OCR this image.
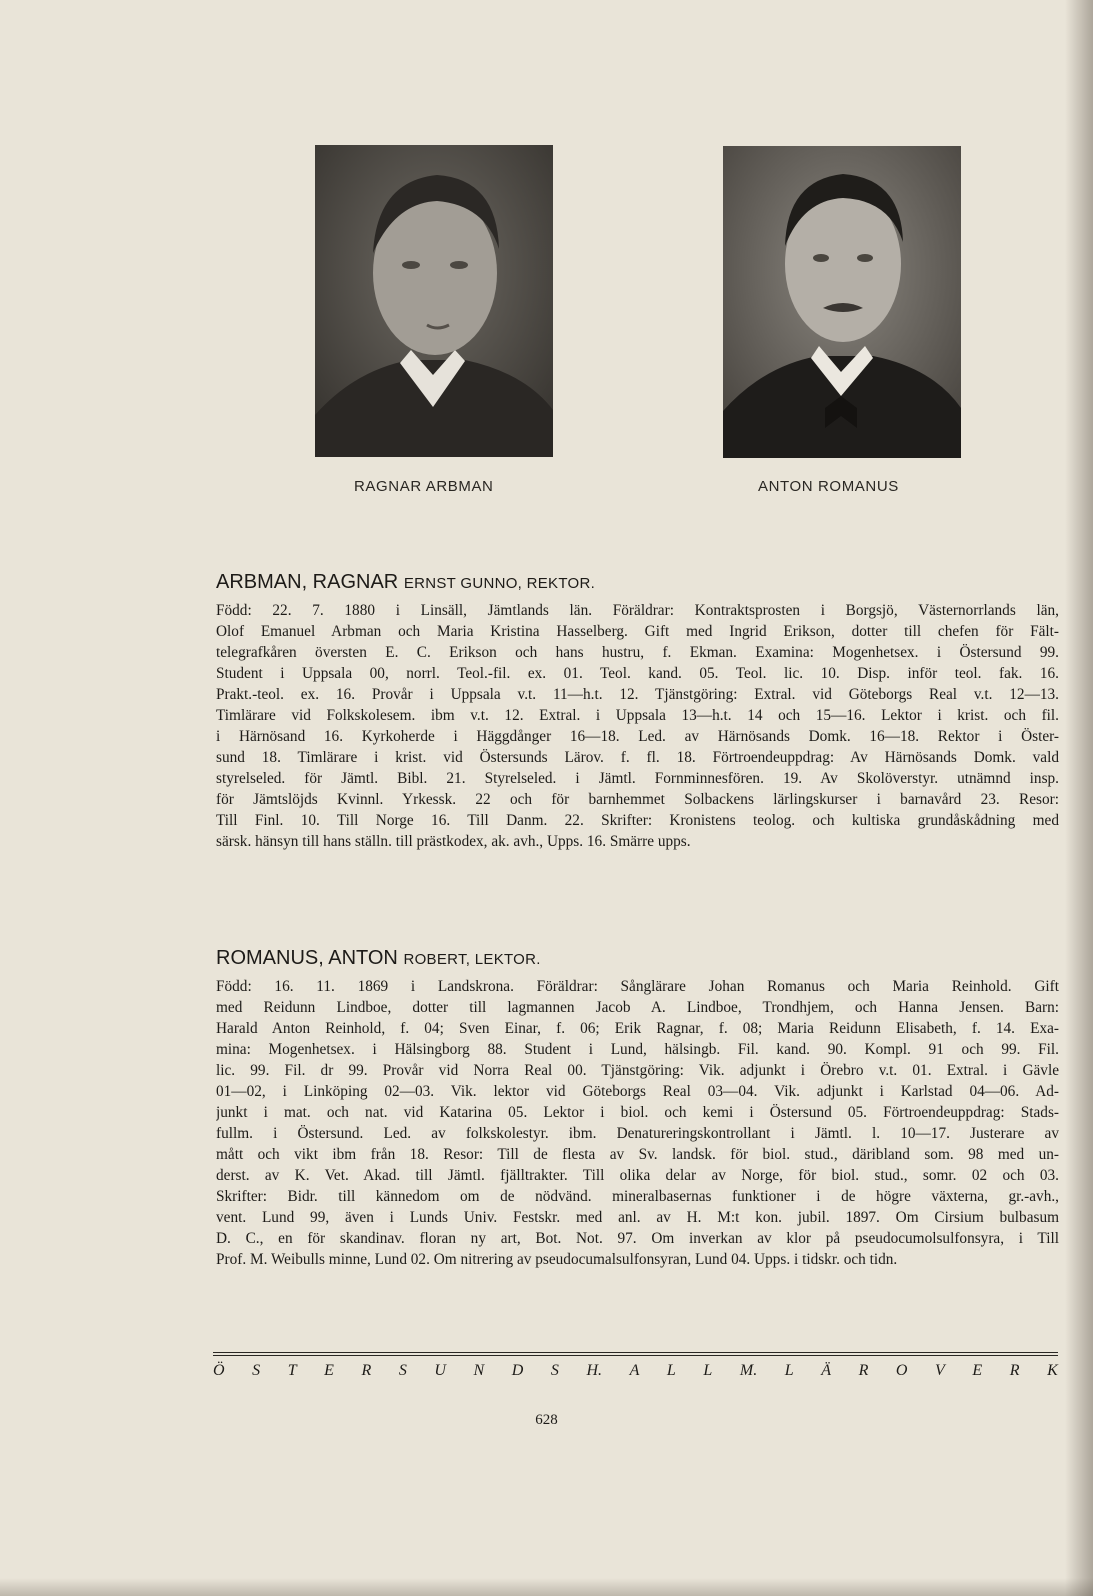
RAGNAR ARBMAN	ANTON ROMANUS
ARBMAN, RAGNAR ERNST GUNNO, REKTOR.
Född: 22. 7. 1880 i Linsäll, Jämtlands län. Föräldrar: Kontraktsprosten i Borgsjö, Västernorrlands län,
Olof Emanuel Arbman och Maria Kristina Hasselberg. Gift med Ingrid Erikson, dotter till chefen för Fält-
telegrafkåren översten E. C. Erikson och hans hustru, f. Ekman. Examina: Mogenhetsex. i Östersund 99.
Student i Uppsala 00, norrl. Teol.-fil. ex. 01. Teol. kand. 05. Teol. lic. 10. Disp. inför teol. fak. 16.
Prakt.-teol. ex. 16. Provår i Uppsala v.t. 11—h.t. 12. Tjänstgöring: Extral. vid Göteborgs Real v.t. 12—13.
Timlärare vid Folkskolesem. ibm v.t. 12. Extral. i Uppsala 13—h.t. 14 och 15—16. Lektor i krist. och fil.
i Härnösand 16. Kyrkoherde i Häggdånger 16—18. Led. av Härnösands Domk. 16—18. Rektor i Öster-
sund 18. Timlärare i krist. vid Östersunds Lärov. f. fl. 18. Förtroendeuppdrag: Av Härnösands Domk. vald
styrelseled. för Jämtl. Bibl. 21. Styrelseled. i Jämtl. Fornminnesfören. 19. Av Skolöverstyr. utnämnd insp.
för Jämtslöjds Kvinnl. Yrkessk. 22 och för barnhemmet Solbackens lärlingskurser i barnavård 23. Resor:
Till Finl. 10. Till Norge 16. Till Danm. 22. Skrifter: Kronistens teolog. och kultiska grundåskådning med
särsk. hänsyn till hans ställn. till prästkodex, ak. avh., Upps. 16. Smärre upps.
ROMANUS, ANTON ROBERT, LEKTOR.
Född: 16. 11. 1869 i Landskrona. Föräldrar: Sånglärare Johan Romanus och Maria Reinhold. Gift
med Reidunn Lindboe, dotter till lagmannen Jacob A. Lindboe, Trondhjem, och Hanna Jensen. Barn:
Harald Anton Reinhold, f. 04; Sven Einar, f. 06; Erik Ragnar, f. 08; Maria Reidunn Elisabeth, f. 14. Exa-
mina: Mogenhetsex. i Hälsingborg 88. Student i Lund, hälsingb. Fil. kand. 90. Kompl. 91 och 99. Fil.
lic. 99. Fil. dr 99. Provår vid Norra Real 00. Tjänstgöring: Vik. adjunkt i Örebro v.t. 01. Extral. i Gävle
01—02, i Linköping 02—03. Vik. lektor vid Göteborgs Real 03—04. Vik. adjunkt i Karlstad 04—06. Ad-
junkt i mat. och nat. vid Katarina 05. Lektor i biol. och kemi i Östersund 05. Förtroendeuppdrag: Stads-
fullm. i Östersund. Led. av folkskolestyr. ibm. Denatureringskontrollant i Jämtl. l. 10—17. Justerare av
mått och vikt ibm från 18. Resor: Till de flesta av Sv. landsk. för biol. stud., däribland som. 98 med un-
derst. av K. Vet. Akad. till Jämtl. fjälltrakter. Till olika delar av Norge, för biol. stud., somr. 02 och 03.
Skrifter: Bidr. till kännedom om de nödvänd. mineralbasernas funktioner i de högre växterna, gr.-avh.,
vent. Lund 99, även i Lunds Univ. Festskr. med anl. av H. M:t kon. jubil. 1897. Om Cirsium bulbasum
D. C., en för skandinav. floran ny art, Bot. Not. 97. Om inverkan av klor på pseudocumolsulfonsyra, i Till
Prof. M. Weibulls minne, Lund 02. Om nitrering av pseudocumalsulfonsyran, Lund 04. Upps. i tidskr. och tidn.
Ö S T E R S U N D S H. A L L M. L Ä R O V E R K
628
